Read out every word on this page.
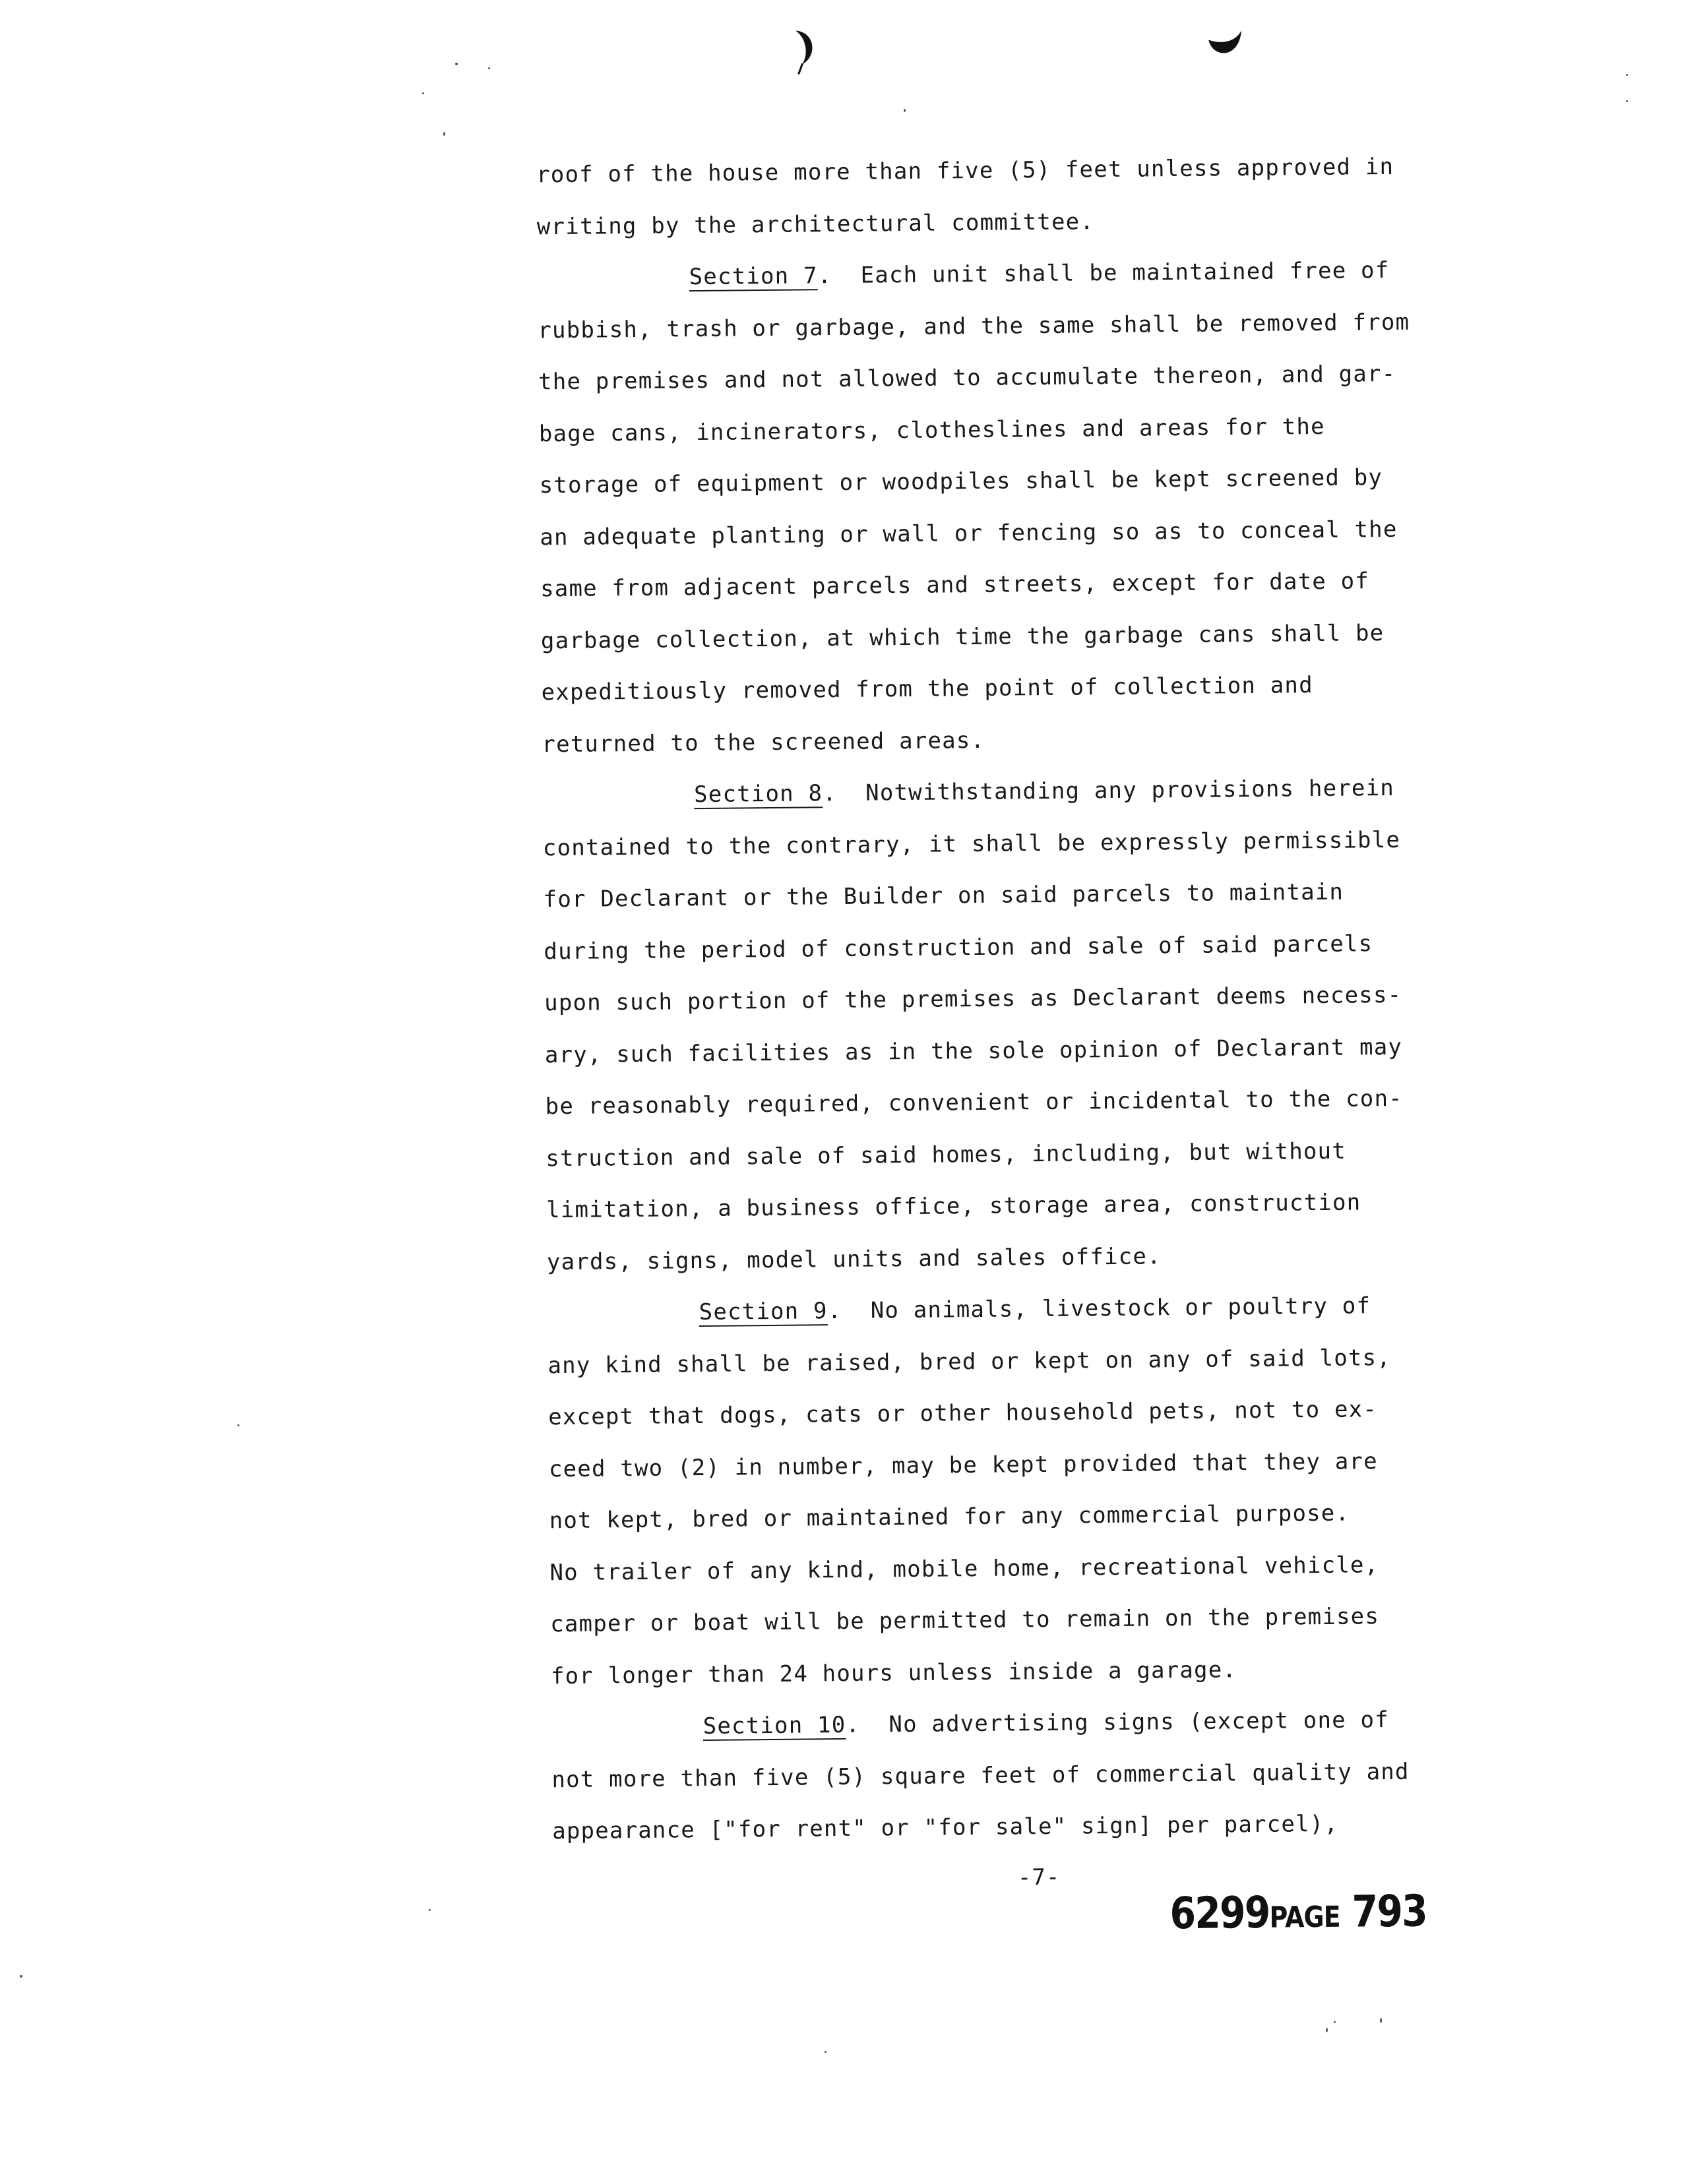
roof of the house more than five (5) feet unless approved in
writing by the architectural committee.
Section 7.  Each unit shall be maintained free of
rubbish, trash or garbage, and the same shall be removed from
the premises and not allowed to accumulate thereon, and gar-
bage cans, incinerators, clotheslines and areas for the
storage of equipment or woodpiles shall be kept screened by
an adequate planting or wall or fencing so as to conceal the
same from adjacent parcels and streets, except for date of
garbage collection, at which time the garbage cans shall be
expeditiously removed from the point of collection and
returned to the screened areas.
Section 8.  Notwithstanding any provisions herein
contained to the contrary, it shall be expressly permissible
for Declarant or the Builder on said parcels to maintain
during the period of construction and sale of said parcels
upon such portion of the premises as Declarant deems necess-
ary, such facilities as in the sole opinion of Declarant may
be reasonably required, convenient or incidental to the con-
struction and sale of said homes, including, but without
limitation, a business office, storage area, construction
yards, signs, model units and sales office.
Section 9.  No animals, livestock or poultry of
any kind shall be raised, bred or kept on any of said lots,
except that dogs, cats or other household pets, not to ex-
ceed two (2) in number, may be kept provided that they are
not kept, bred or maintained for any commercial purpose.
No trailer of any kind, mobile home, recreational vehicle,
camper or boat will be permitted to remain on the premises
for longer than 24 hours unless inside a garage.
Section 10.  No advertising signs (except one of
not more than five (5) square feet of commercial quality and
appearance ["for rent" or "for sale" sign] per parcel),
-7-
6299PAGE 793
